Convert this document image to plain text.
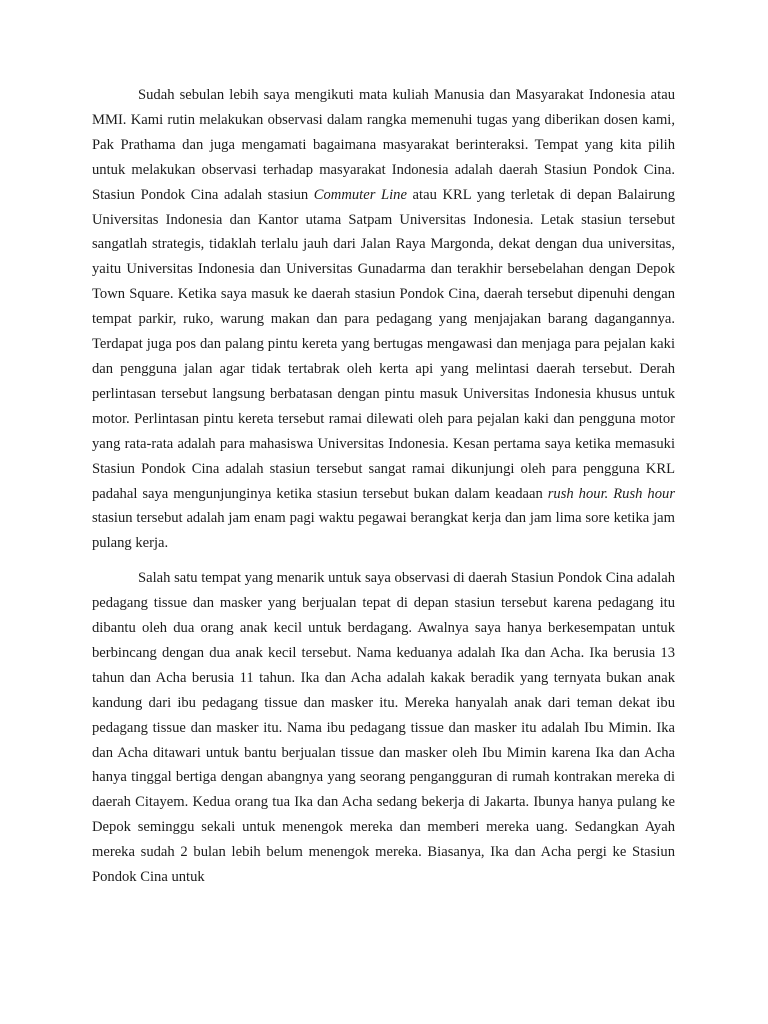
Sudah sebulan lebih saya mengikuti mata kuliah Manusia dan Masyarakat Indonesia atau MMI. Kami rutin melakukan observasi dalam rangka memenuhi tugas yang diberikan dosen kami, Pak Prathama dan juga mengamati bagaimana masyarakat berinteraksi. Tempat yang kita pilih untuk melakukan observasi terhadap masyarakat Indonesia adalah daerah Stasiun Pondok Cina. Stasiun Pondok Cina adalah stasiun Commuter Line atau KRL yang terletak di depan Balairung Universitas Indonesia dan Kantor utama Satpam Universitas Indonesia. Letak stasiun tersebut sangatlah strategis, tidaklah terlalu jauh dari Jalan Raya Margonda, dekat dengan dua universitas, yaitu Universitas Indonesia dan Universitas Gunadarma dan terakhir bersebelahan dengan Depok Town Square. Ketika saya masuk ke daerah stasiun Pondok Cina, daerah tersebut dipenuhi dengan tempat parkir, ruko, warung makan dan para pedagang yang menjajakan barang dagangannya. Terdapat juga pos dan palang pintu kereta yang bertugas mengawasi dan menjaga para pejalan kaki dan pengguna jalan agar tidak tertabrak oleh kerta api yang melintasi daerah tersebut. Derah perlintasan tersebut langsung berbatasan dengan pintu masuk Universitas Indonesia khusus untuk motor. Perlintasan pintu kereta tersebut ramai dilewati oleh para pejalan kaki dan pengguna motor yang rata-rata adalah para mahasiswa Universitas Indonesia. Kesan pertama saya ketika memasuki Stasiun Pondok Cina adalah stasiun tersebut sangat ramai dikunjungi oleh para pengguna KRL padahal saya mengunjunginya ketika stasiun tersebut bukan dalam keadaan rush hour. Rush hour stasiun tersebut adalah jam enam pagi waktu pegawai berangkat kerja dan jam lima sore ketika jam pulang kerja.

Salah satu tempat yang menarik untuk saya observasi di daerah Stasiun Pondok Cina adalah pedagang tissue dan masker yang berjualan tepat di depan stasiun tersebut karena pedagang itu dibantu oleh dua orang anak kecil untuk berdagang. Awalnya saya hanya berkesempatan untuk berbincang dengan dua anak kecil tersebut. Nama keduanya adalah Ika dan Acha. Ika berusia 13 tahun dan Acha berusia 11 tahun. Ika dan Acha adalah kakak beradik yang ternyata bukan anak kandung dari ibu pedagang tissue dan masker itu. Mereka hanyalah anak dari teman dekat ibu pedagang tissue dan masker itu. Nama ibu pedagang tissue dan masker itu adalah Ibu Mimin. Ika dan Acha ditawari untuk bantu berjualan tissue dan masker oleh Ibu Mimin karena Ika dan Acha hanya tinggal bertiga dengan abangnya yang seorang pengangguran di rumah kontrakan mereka di daerah Citayem. Kedua orang tua Ika dan Acha sedang bekerja di Jakarta. Ibunya hanya pulang ke Depok seminggu sekali untuk menengok mereka dan memberi mereka uang. Sedangkan Ayah mereka sudah 2 bulan lebih belum menengok mereka. Biasanya, Ika dan Acha pergi ke Stasiun Pondok Cina untuk
